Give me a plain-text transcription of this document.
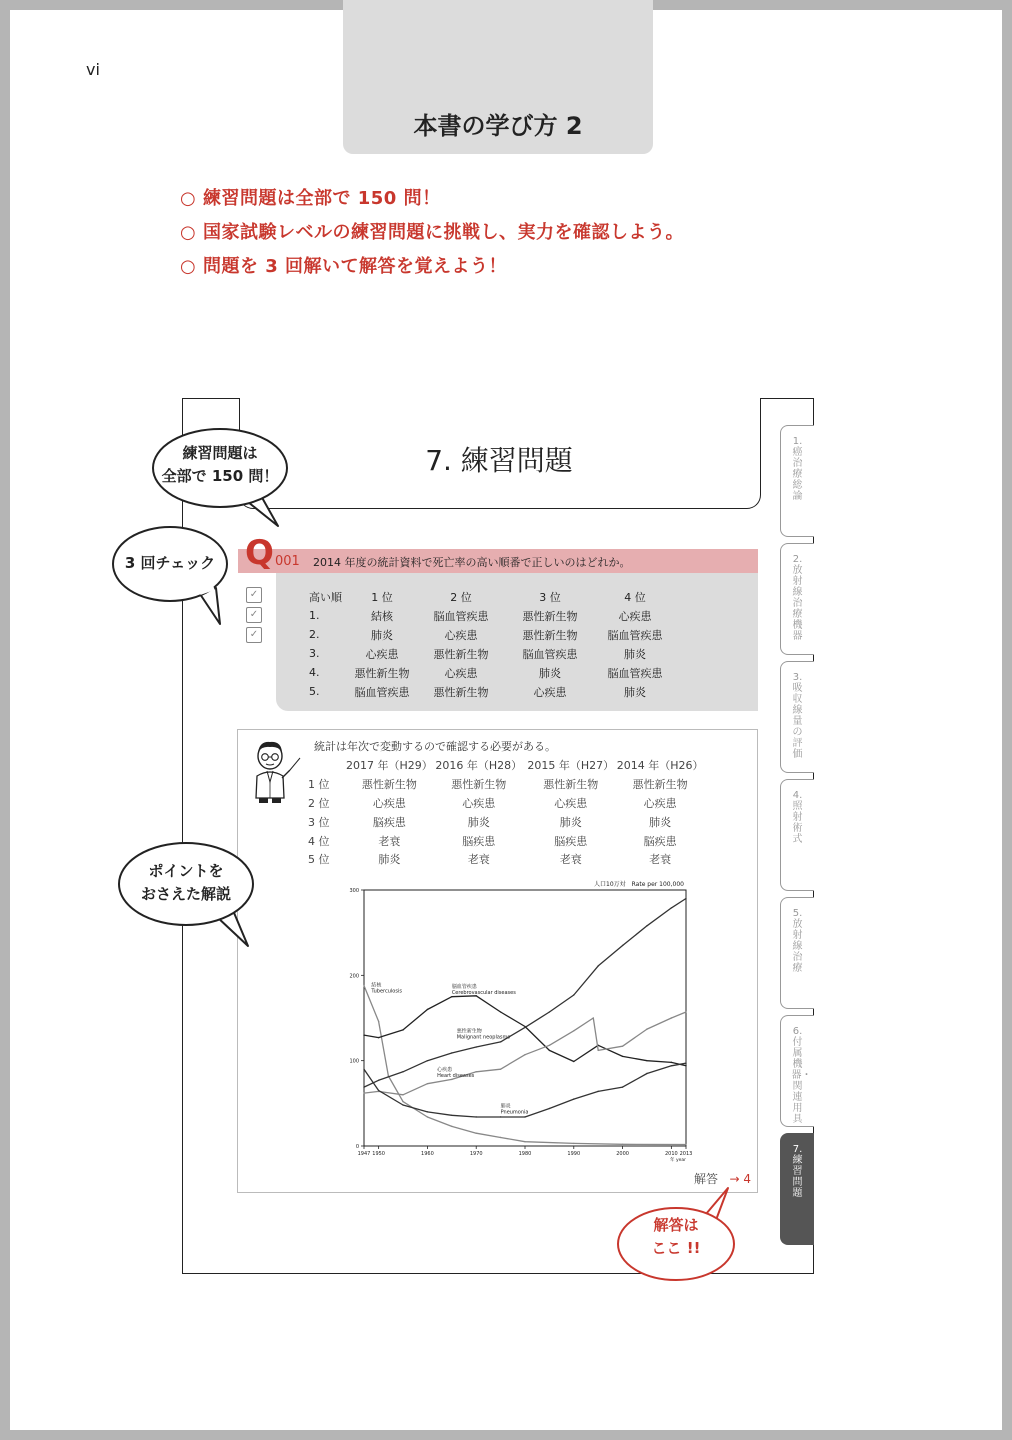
vi
本書の学び方 2
○ 練習問題は全部で 150 問！
○ 国家試験レベルの練習問題に挑戦し、実力を確認しよう。
○ 問題を 3 回解いて解答を覚えよう！
7. 練習問題
1.
癌治療総論
2.
放射線治療機器
3.
吸収線量の評価
4.
照射術式
5.
放射線治療
6.
付属機器・関連用具
7.
練習問題
Q 001 2014 年度の統計資料で死亡率の高い順番で正しいのはどれか。
✓
✓
✓
高い順	1 位	2 位	3 位	4 位
1.	結核	脳血管疾患	悪性新生物	心疾患
2.	肺炎	心疾患	悪性新生物	脳血管疾患
3.	心疾患	悪性新生物	脳血管疾患	肺炎
4.	悪性新生物	心疾患	肺炎	脳血管疾患
5.	脳血管疾患	悪性新生物	心疾患	肺炎
統計は年次で変動するので確認する必要がある。
	2017 年（H29）	2016 年（H28）	2015 年（H27）	2014 年（H26）
1 位	悪性新生物	悪性新生物	悪性新生物	悪性新生物
2 位	心疾患	心疾患	心疾患	心疾患
3 位	脳疾患	肺炎	肺炎	肺炎
4 位	老衰	脳疾患	脳疾患	脳疾患
5 位	肺炎	老衰	老衰	老衰
0
100
200
300
1947 1950	1960	1970	1980	1990	2000	2010 2013
年 year
人口10万対　Rate per 100,000
結核
Tuberculosis
脳血管疾患
Cerebrovascular diseases
悪性新生物
Malignant neoplasms
心疾患
Heart diseases
肺炎
Pneumonia
解答 → 4
練習問題は
全部で 150 問！
3 回チェック
ポイントを
おさえた解説
解答は
ここ !!
